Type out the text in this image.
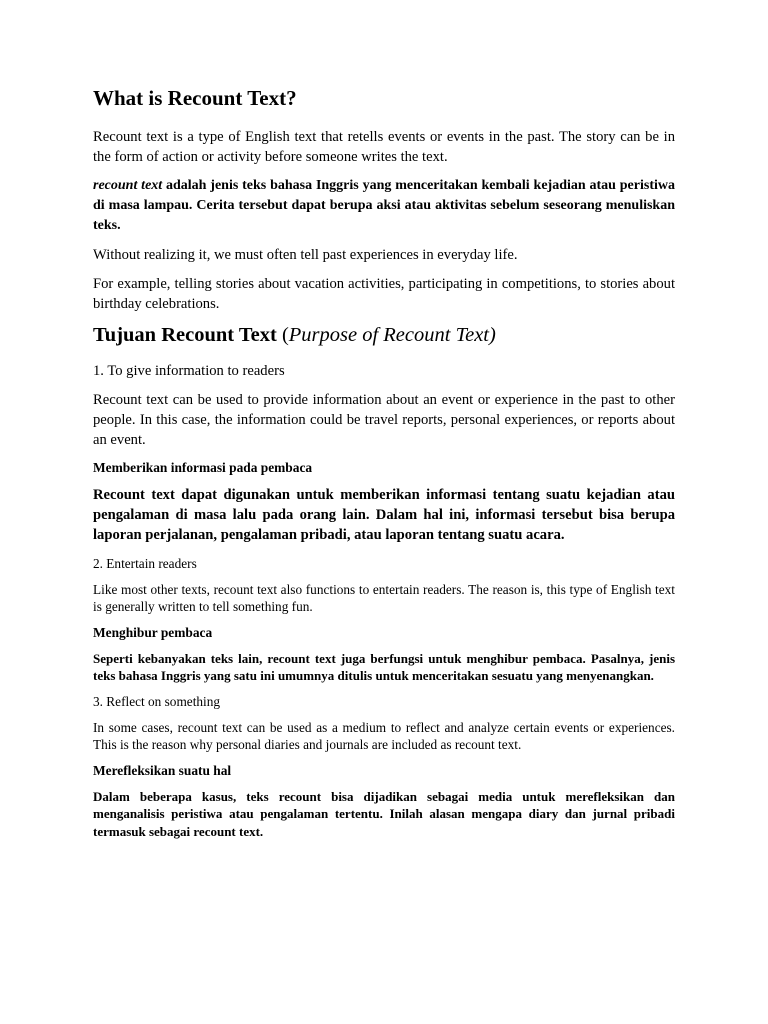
What is Recount Text?

Recount text is a type of English text that retells events or events in the past. The story can be in the form of action or activity before someone writes the text.

recount text adalah jenis teks bahasa Inggris yang menceritakan kembali kejadian atau peristiwa di masa lampau. Cerita tersebut dapat berupa aksi atau aktivitas sebelum seseorang menuliskan teks.

Without realizing it, we must often tell past experiences in everyday life.

For example, telling stories about vacation activities, participating in competitions, to stories about birthday celebrations.

Tujuan Recount Text (Purpose of Recount Text)

1. To give information to readers

Recount text can be used to provide information about an event or experience in the past to other people. In this case, the information could be travel reports, personal experiences, or reports about an event.

Memberikan informasi pada pembaca

Recount text dapat digunakan untuk memberikan informasi tentang suatu kejadian atau pengalaman di masa lalu pada orang lain. Dalam hal ini, informasi tersebut bisa berupa laporan perjalanan, pengalaman pribadi, atau laporan tentang suatu acara.

2. Entertain readers

Like most other texts, recount text also functions to entertain readers. The reason is, this type of English text is generally written to tell something fun.

Menghibur pembaca

Seperti kebanyakan teks lain, recount text juga berfungsi untuk menghibur pembaca. Pasalnya, jenis teks bahasa Inggris yang satu ini umumnya ditulis untuk menceritakan sesuatu yang menyenangkan.

3. Reflect on something

In some cases, recount text can be used as a medium to reflect and analyze certain events or experiences. This is the reason why personal diaries and journals are included as recount text.

Merefleksikan suatu hal

Dalam beberapa kasus, teks recount bisa dijadikan sebagai media untuk merefleksikan dan menganalisis peristiwa atau pengalaman tertentu. Inilah alasan mengapa diary dan jurnal pribadi termasuk sebagai recount text.
